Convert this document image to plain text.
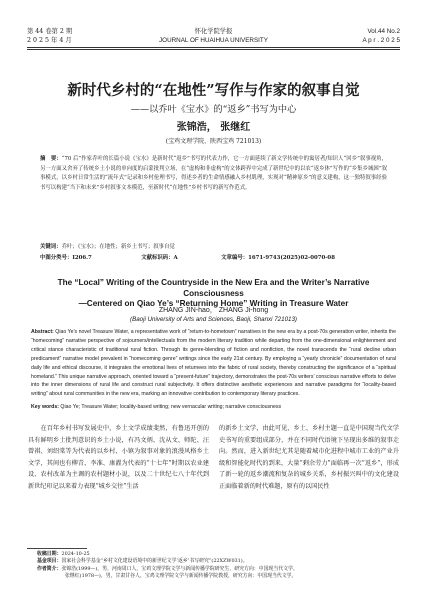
第 44 卷第 2 期	怀化学院学报	Vol.44 No.2
2 0 2 5 年 4 月	JOURNAL OF HUAIHUA UNIVERSITY	A p r . 2 0 2 5
新时代乡村的“在地性”写作与作家的叙事自觉
——以乔叶《宝水》的“返乡”书写为中心
张锦浩， 张继红
(宝鸡文理学院，陕西宝鸡 721013)
摘　要：“70 后”作家乔叶的长篇小说《宝水》是新时代“返乡”书写的代表力作，它一方面延续了新文学传统中的寓居者/知识人“回乡”叙事视角，另一方面又舍弃了传统乡土小说的单向度的启蒙批判立场，在“虚构和非虚构”的文体跨界中完成了新世纪中的以农“返乡体”写作的“乡集乡城困”叙事模式，以乡村日常生活的“流年式”记录和乡村伦理书写，得述乡者的生命情感融入乡村肌理，实现对“精神原乡”的意义建构，这一独特叙事经验书写以构建“当下和未来”乡村叙事文本模范，至新时代“在地性”乡村书写的新写作范式。
关键词：乔叶；《宝水》；在地性；新乡土书写；叙事自觉
中图分类号：I206.7	文献标识码：A	文章编号：1671-9743(2025)02-0070-08
The “Local” Writing of the Countryside in the New Era and the Writer’s Narrative Consciousness
—Centered on Qiao Ye’s “Returning Home” Writing in Treasure Water
ZHANG JIN-hao， ZHANG Ji-hong
(Baoji University of Arts and Sciences, Baoji, Shanxi 721013)
Abstract: Qiao Ye’s novel Treasure Water, a representative work of “return-to-hometown” narratives in the new era by a post-70s generation writer, inherits the “homecoming” narrative perspective of sojourners/intellectuals from the modern literary tradition while departing from the one-dimensional enlightenment and critical stance characteristic of traditional rural fiction. Through its genre-blending of fiction and nonfiction, the novel transcends the “rural decline urban predicament” narrative model prevalent in “homecoming genre” writings since the early 21st century. By employing a “yearly chronicle” documentation of rural daily life and ethical discourse, it integrates the emotional lives of returnees into the fabric of rural society, thereby constructing the significance of a “spiritual homeland.” This unique narrative approach, oriented toward a “present-future” trajectory, demonstrates the post-70s writers’ conscious narrative efforts to delve into the inner dimensions of rural life and construct rural subjectivity. It offers distinctive aesthetic experiences and narrative paradigms for “locality-based writing” about rural communities in the new era, marking an innovative contribution to contemporary literary practices.
Key words: Qiao Ye; Treasure Water; locality-based writing; new vernacular writing; narrative consciousness
　　在百年乡村书写发展史中，乡土文学成绩斐然，有鲁迅开创的具有鲜明乡土批判意识的乡土小说，有冯文炳、沈从文、师陀、汪曾祺、刘绍棠等为代表的以乡村、小镇为叙事对象的浪漫风格乡土文学，其间也有柳青、李准、康濯为代表的“十七年”时期以农业建设、农村改革为主调的农村题材小说，以及二十世纪七八十年代到新世纪印记以来着力表现“城乡交往”生活
的新乡土文学，由此可见，乡土、乡村主题一直是中国现当代文学史书写的重要组成部分，并在不同时代语境下呈现出多维的叙事走向。然而，进入新世纪尤其是随着城市化进程中城市工业的产业升级和智能化时代的到来，大量“剩余劳力”面临再一次“返乡”，形成了新一轮的返乡潮流和复杂的城乡关系，乡村振兴叫中的文化建设正面临着新的时代难题，原有的以国民性
收稿日期：2024-10-25
基金项目：国家社会科学基金“乡村文化建设语境中的新世纪文学‘返乡’书写研究”(22XZW031)。
作者简介：张锦浩(1999—)，男，河南周口人，宝鸡文理学院文学与新闻传播学院研究生，研究方向：中国现当代文学。
张继红(1978—)，男，甘肃甘谷人，宝鸡文理学院文学与新闻传播学院教授，研究方向：中国现当代文学。
